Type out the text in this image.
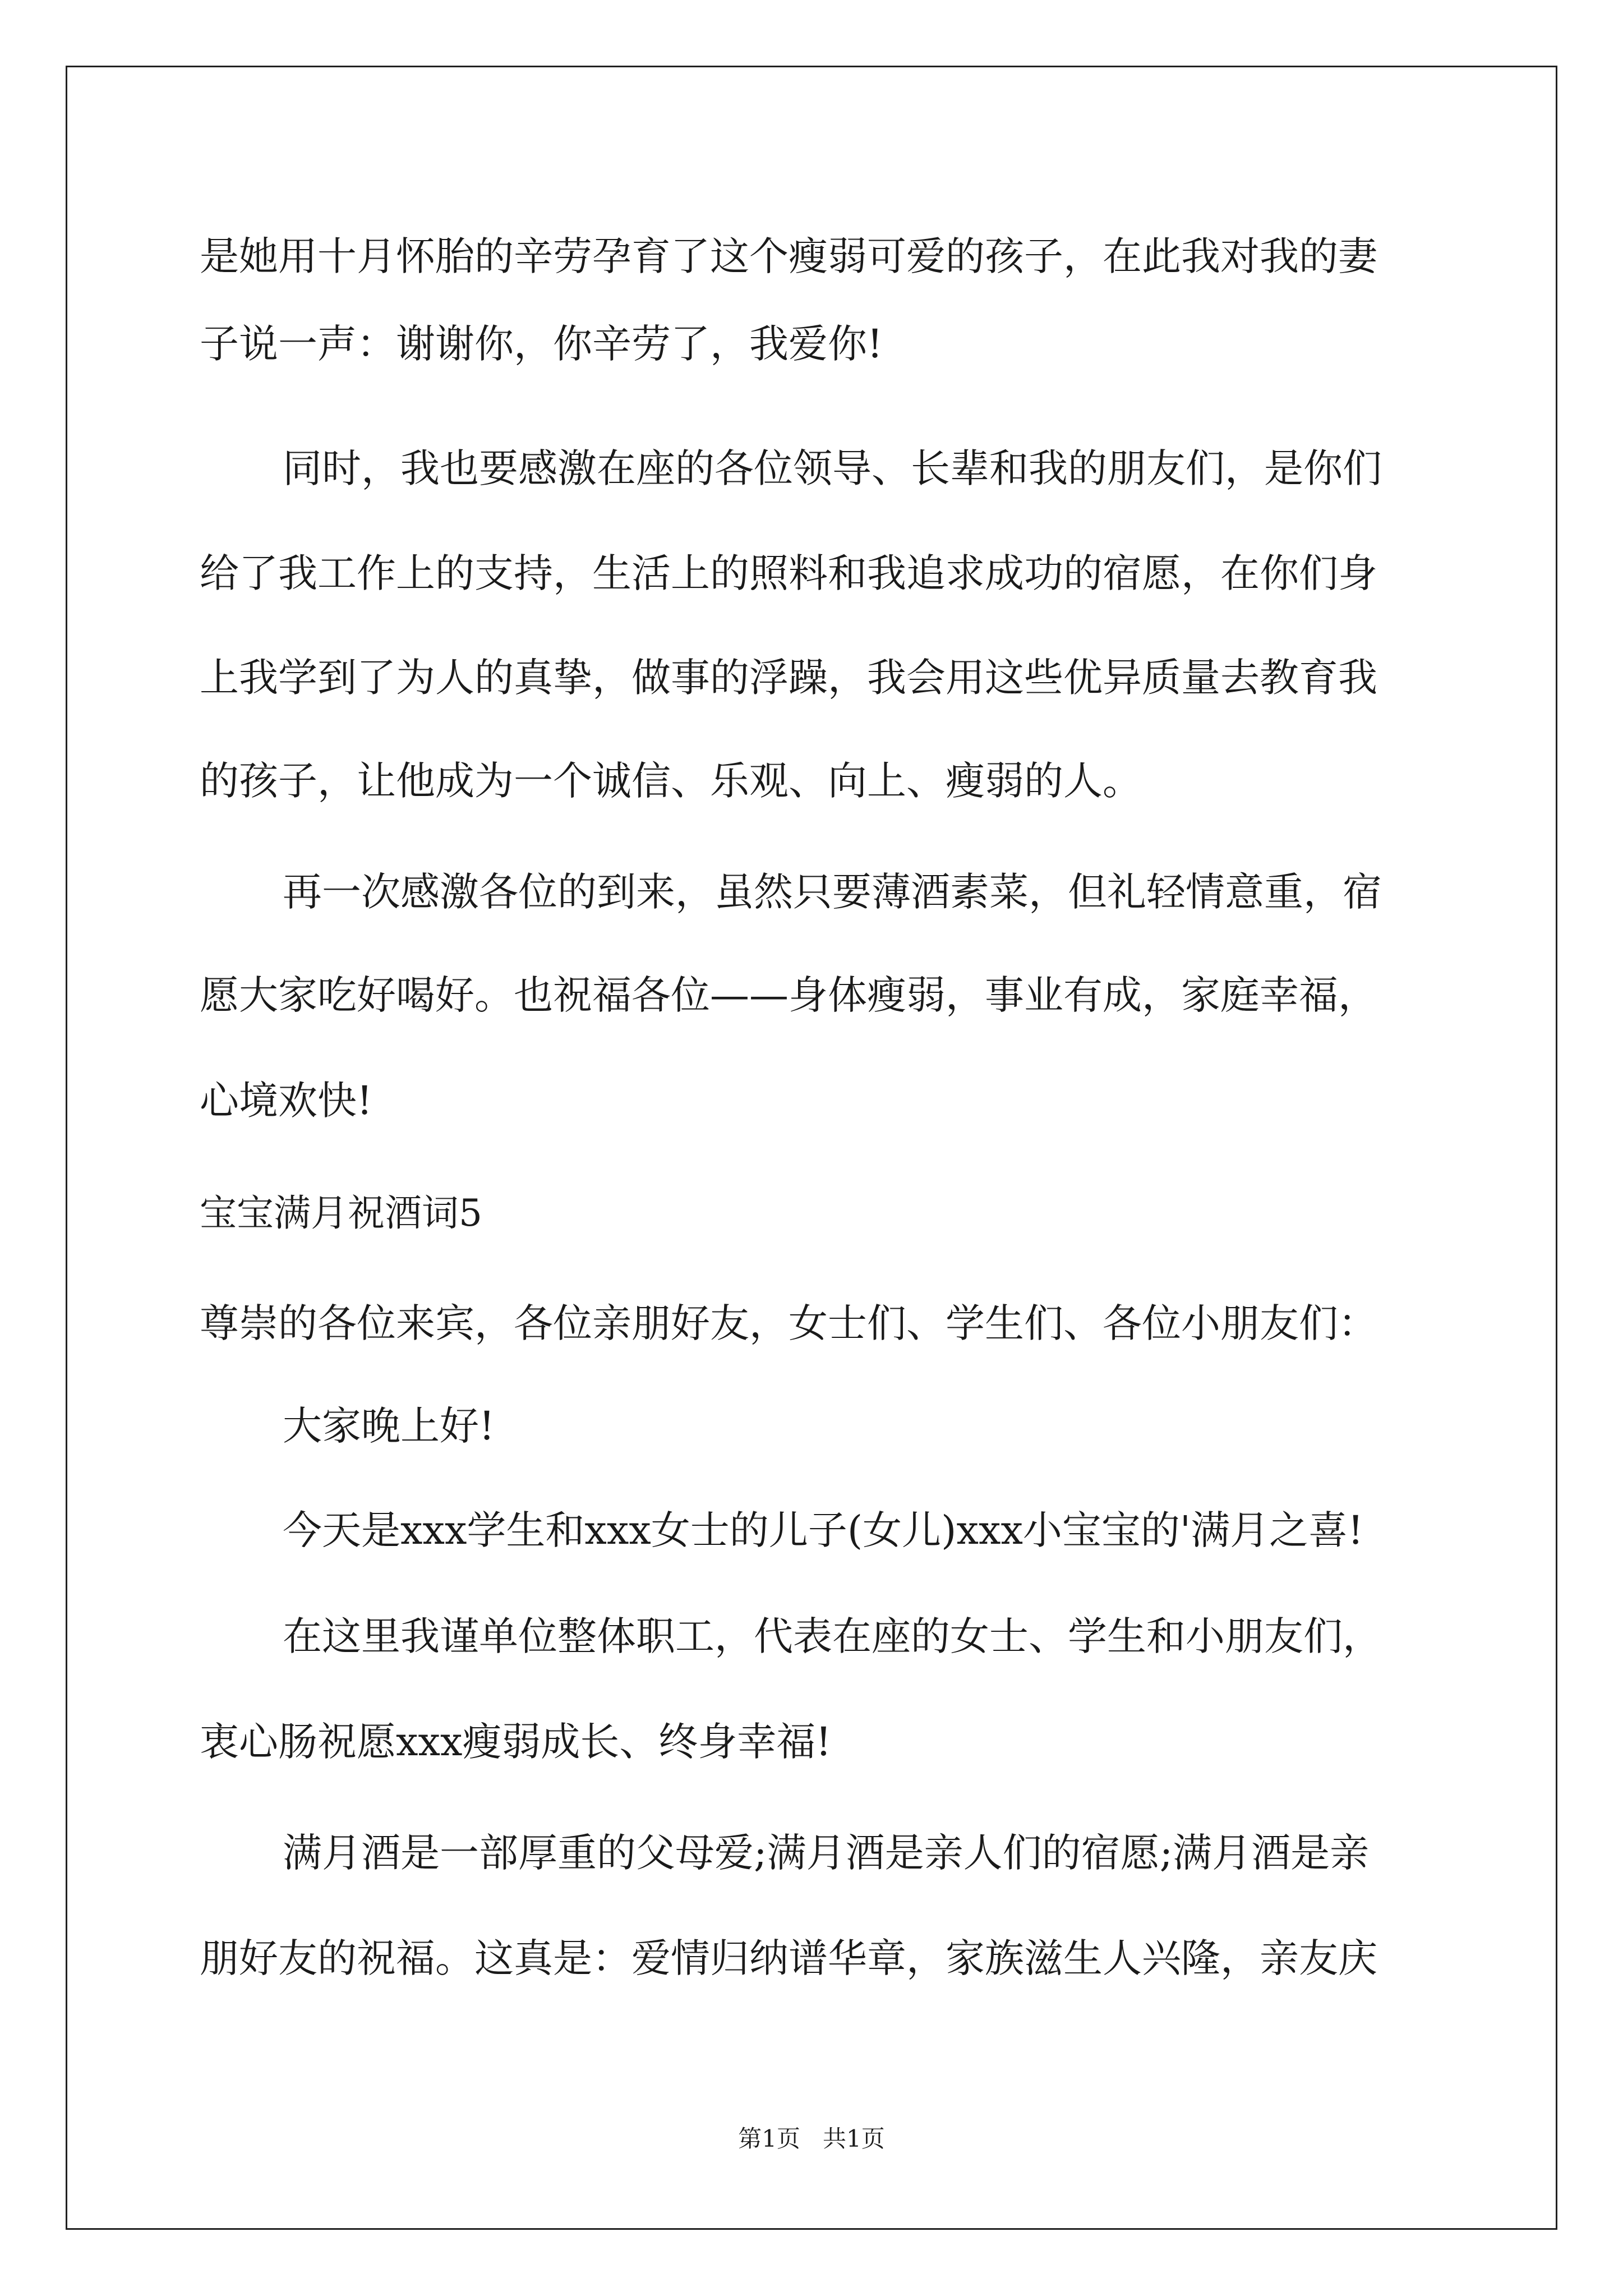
是她用十月怀胎的辛劳孕育了这个瘦弱可爱的孩子，在此我对我的妻
子说一声：谢谢你，你辛劳了，我爱你!
同时，我也要感激在座的各位领导、长辈和我的朋友们，是你们
给了我工作上的支持，生活上的照料和我追求成功的宿愿，在你们身
上我学到了为人的真挚，做事的浮躁，我会用这些优异质量去教育我
的孩子，让他成为一个诚信、乐观、向上、瘦弱的人。
再一次感激各位的到来，虽然只要薄酒素菜，但礼轻情意重，宿
愿大家吃好喝好。也祝福各位——身体瘦弱，事业有成，家庭幸福，
心境欢快!
宝宝满月祝酒词5
尊崇的各位来宾，各位亲朋好友，女士们、学生们、各位小朋友们：
大家晚上好!
今天是xxx学生和xxx女士的儿子(女儿)xxx小宝宝的'满月之喜!
在这里我谨单位整体职工，代表在座的女士、学生和小朋友们，
衷心肠祝愿xxx瘦弱成长、终身幸福!
满月酒是一部厚重的父母爱;满月酒是亲人们的宿愿;满月酒是亲
朋好友的祝福。这真是：爱情归纳谱华章，家族滋生人兴隆，亲友庆
第1页 共1页
